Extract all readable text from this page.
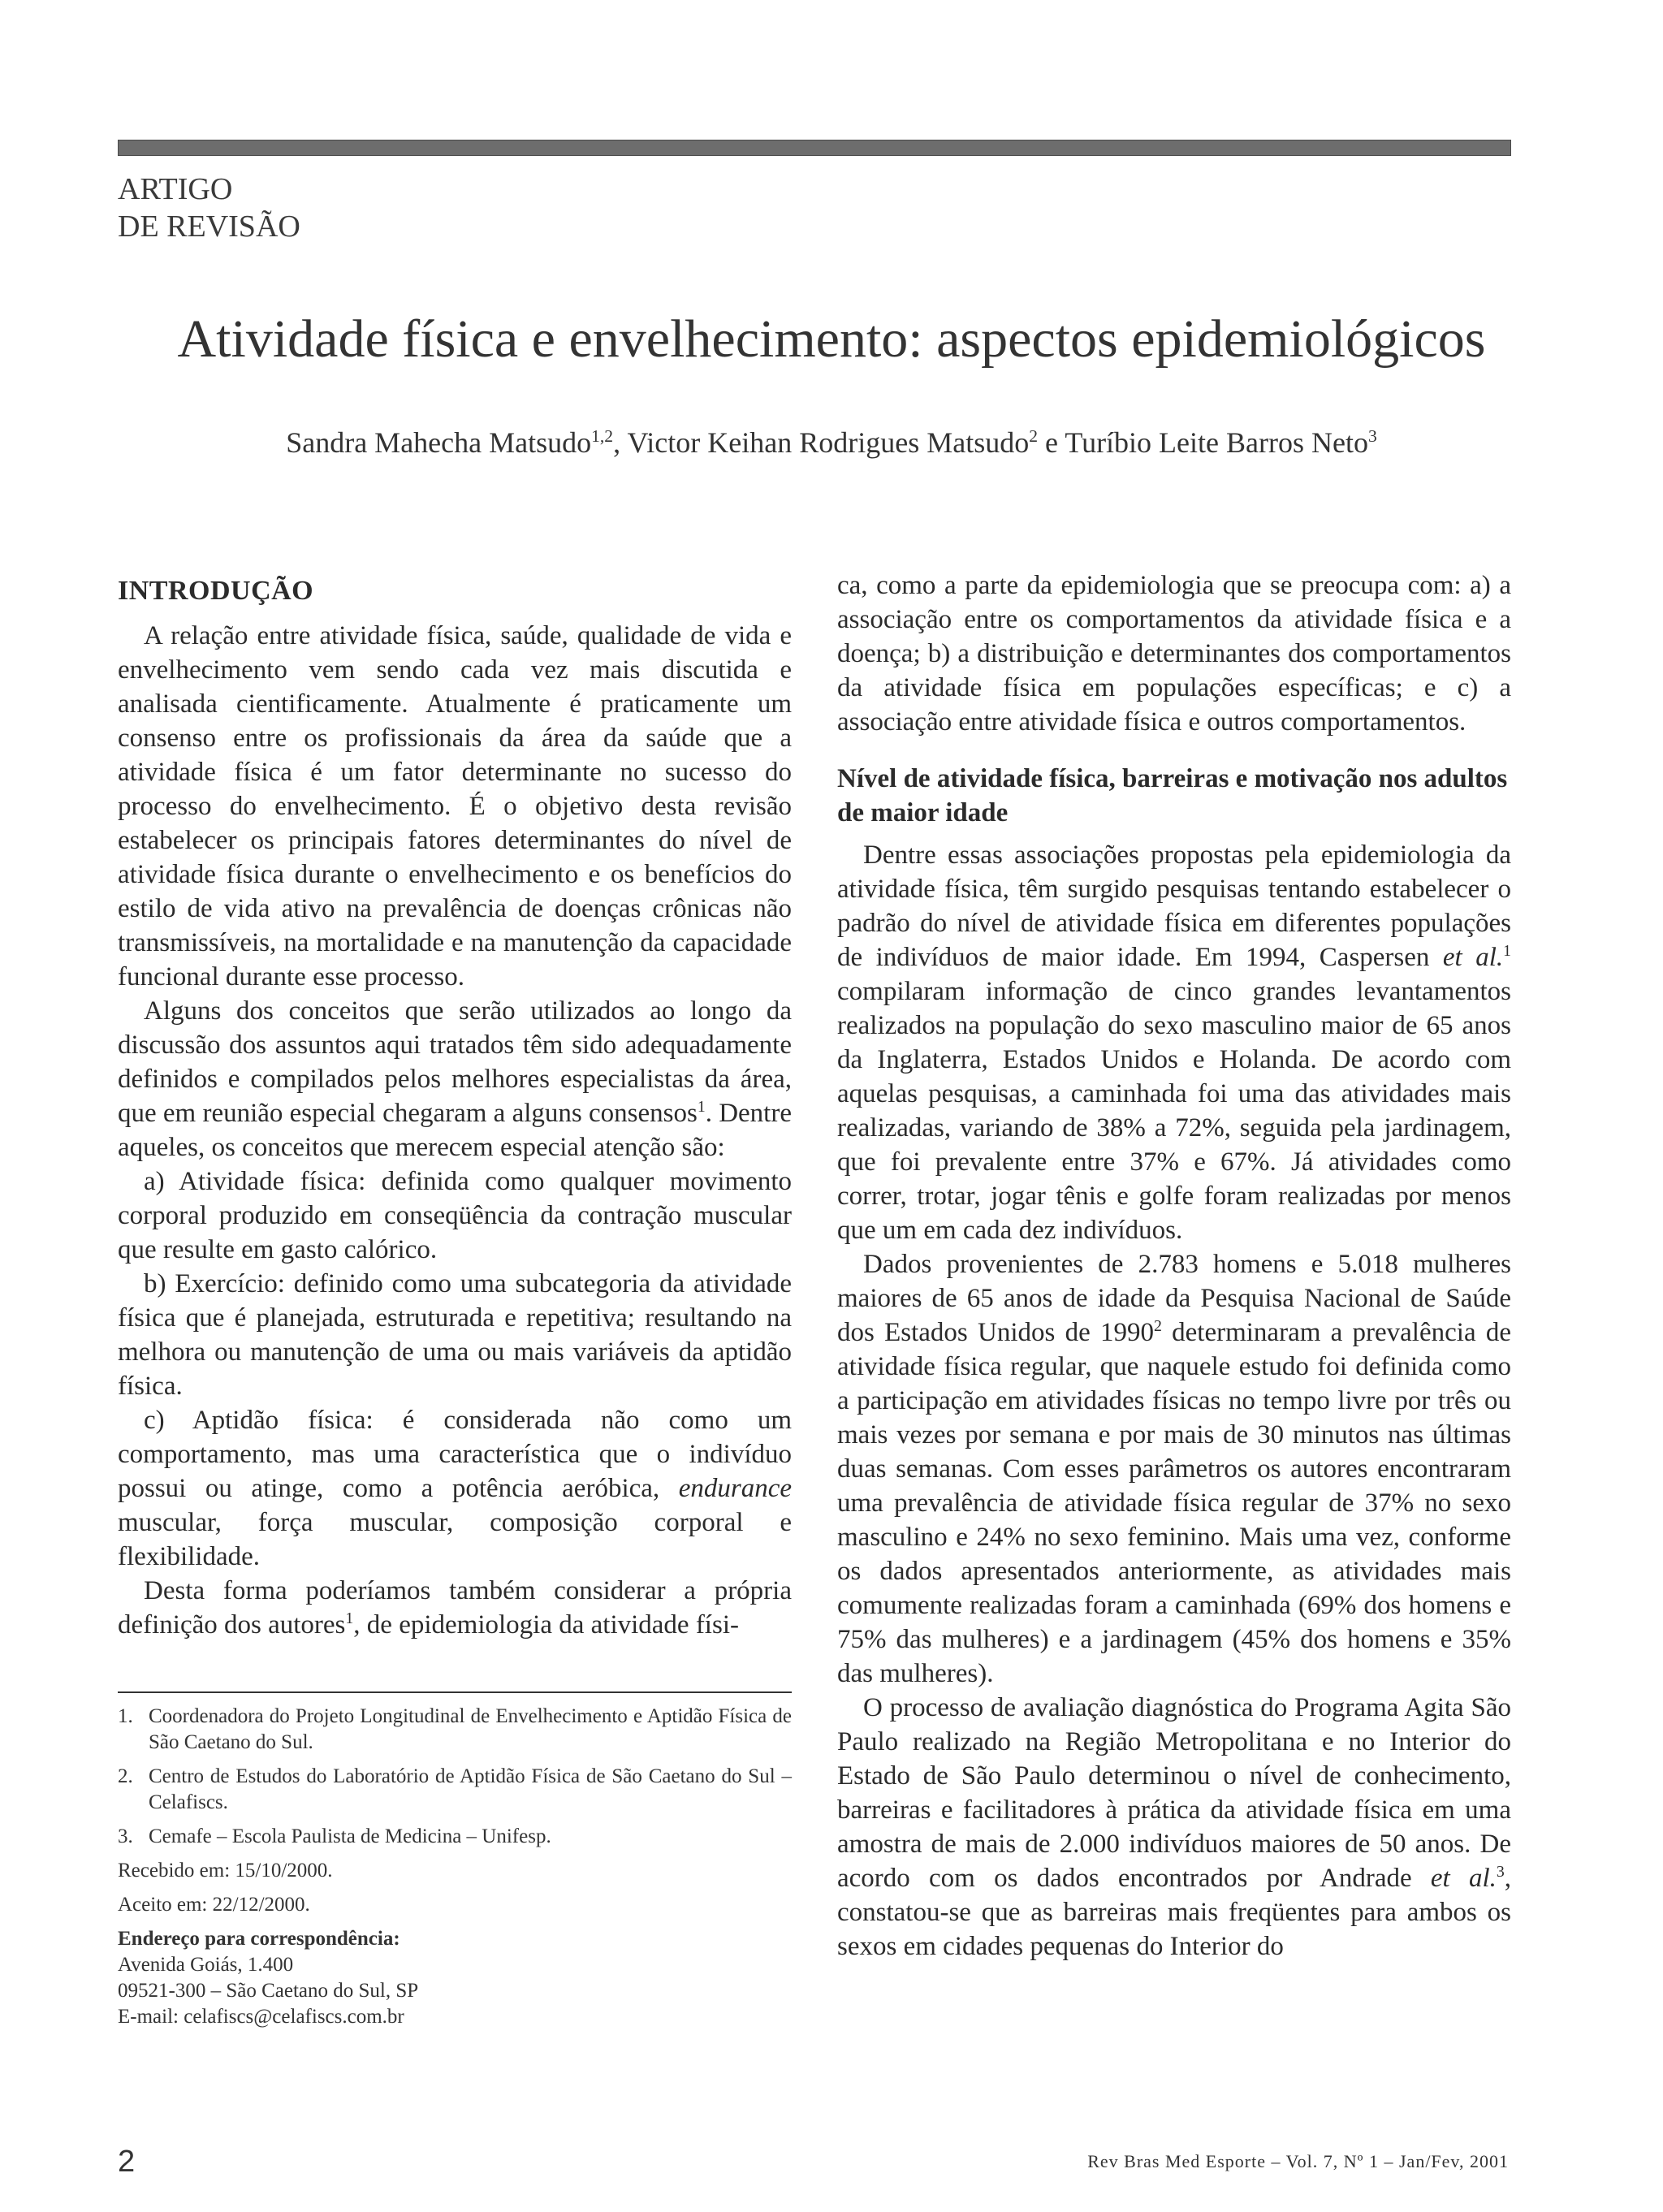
ARTIGO
DE REVISÃO
Atividade física e envelhecimento: aspectos epidemiológicos
Sandra Mahecha Matsudo$^{1,2}$, Victor Keihan Rodrigues Matsudo$^2$ e Turíbio Leite Barros Neto$^3$
INTRODUÇÃO

A relação entre atividade física, saúde, qualidade de vida e envelhecimento vem sendo cada vez mais discutida e analisada cientificamente. Atualmente é praticamente um consenso entre os profissionais da área da saúde que a atividade física é um fator determinante no sucesso do processo do envelhecimento. É o objetivo desta revisão estabelecer os principais fatores determinantes do nível de atividade física durante o envelhecimento e os benefícios do estilo de vida ativo na prevalência de doenças crônicas não transmissíveis, na mortalidade e na manutenção da capacidade funcional durante esse processo.

Alguns dos conceitos que serão utilizados ao longo da discussão dos assuntos aqui tratados têm sido adequadamente definidos e compilados pelos melhores especialistas da área, que em reunião especial chegaram a alguns consensos$^1$. Dentre aqueles, os conceitos que merecem especial atenção são:

a) Atividade física: definida como qualquer movimento corporal produzido em conseqüência da contração muscular que resulte em gasto calórico.

b) Exercício: definido como uma subcategoria da atividade física que é planejada, estruturada e repetitiva; resultando na melhora ou manutenção de uma ou mais variáveis da aptidão física.

c) Aptidão física: é considerada não como um comportamento, mas uma característica que o indivíduo possui ou atinge, como a potência aeróbica, endurance muscular, força muscular, composição corporal e flexibilidade.

Desta forma poderíamos também considerar a própria definição dos autores$^1$, de epidemiologia da atividade físi-

ca, como a parte da epidemiologia que se preocupa com: a) a associação entre os comportamentos da atividade física e a doença; b) a distribuição e determinantes dos comportamentos da atividade física em populações específicas; e c) a associação entre atividade física e outros comportamentos.

Nível de atividade física, barreiras e motivação nos adultos de maior idade

Dentre essas associações propostas pela epidemiologia da atividade física, têm surgido pesquisas tentando estabelecer o padrão do nível de atividade física em diferentes populações de indivíduos de maior idade. Em 1994, Caspersen et al.$^1$ compilaram informação de cinco grandes levantamentos realizados na população do sexo masculino maior de 65 anos da Inglaterra, Estados Unidos e Holanda. De acordo com aquelas pesquisas, a caminhada foi uma das atividades mais realizadas, variando de 38% a 72%, seguida pela jardinagem, que foi prevalente entre 37% e 67%. Já atividades como correr, trotar, jogar tênis e golfe foram realizadas por menos que um em cada dez indivíduos.

Dados provenientes de 2.783 homens e 5.018 mulheres maiores de 65 anos de idade da Pesquisa Nacional de Saúde dos Estados Unidos de 1990$^2$ determinaram a prevalência de atividade física regular, que naquele estudo foi definida como a participação em atividades físicas no tempo livre por três ou mais vezes por semana e por mais de 30 minutos nas últimas duas semanas. Com esses parâmetros os autores encontraram uma prevalência de atividade física regular de 37% no sexo masculino e 24% no sexo feminino. Mais uma vez, conforme os dados apresentados anteriormente, as atividades mais comumente realizadas foram a caminhada (69% dos homens e 75% das mulheres) e a jardinagem (45% dos homens e 35% das mulheres).

O processo de avaliação diagnóstica do Programa Agita São Paulo realizado na Região Metropolitana e no Interior do Estado de São Paulo determinou o nível de conhecimento, barreiras e facilitadores à prática da atividade física em uma amostra de mais de 2.000 indivíduos maiores de 50 anos. De acordo com os dados encontrados por Andrade et al.$^3$, constatou-se que as barreiras mais freqüentes para ambos os sexos em cidades pequenas do Interior do

1. Coordenadora do Projeto Longitudinal de Envelhecimento e Aptidão Física de São Caetano do Sul.
2. Centro de Estudos do Laboratório de Aptidão Física de São Caetano do Sul – Celafiscs.
3. Cemafe – Escola Paulista de Medicina – Unifesp.
Recebido em: 15/10/2000.
Aceito em: 22/12/2000.
Endereço para correspondência:
Avenida Goiás, 1.400
09521-300 – São Caetano do Sul, SP
E-mail: celafiscs@celafiscs.com.br
2	Rev Bras Med Esporte – Vol. 7, Nº 1 – Jan/Fev, 2001
